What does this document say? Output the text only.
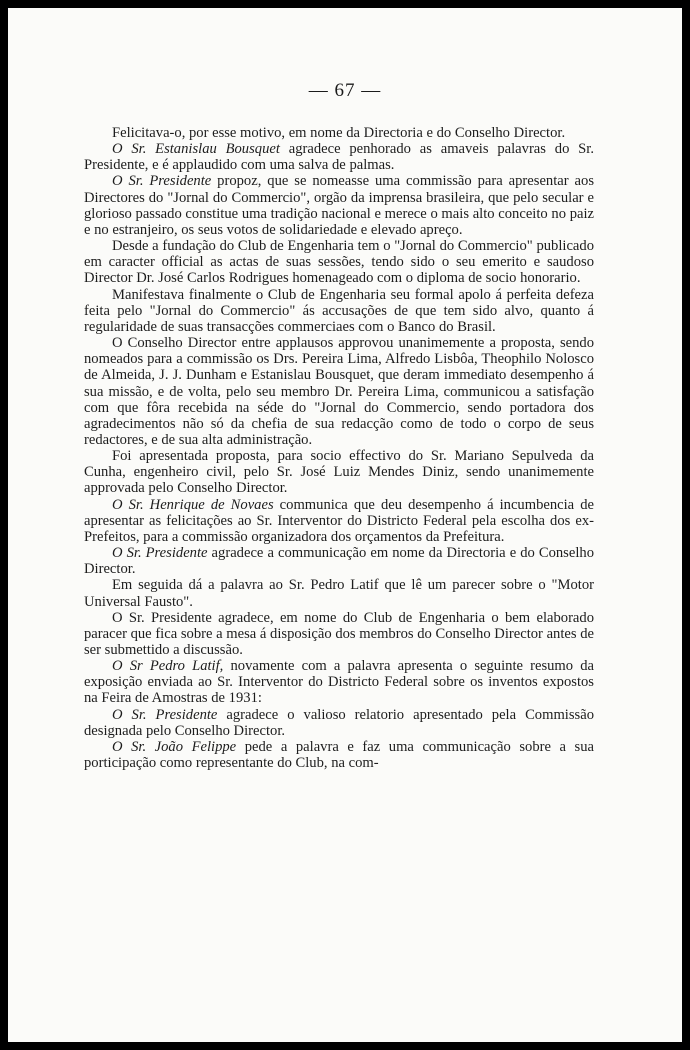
— 67 —

Felicitava-o, por esse motivo, em nome da Directoria e do Conselho Director.

O Sr. Estanislau Bousquet agradece penhorado as amaveis palavras do Sr. Presidente, e é applaudido com uma salva de palmas.

O Sr. Presidente propoz, que se nomeasse uma commissão para apresentar aos Directores do "Jornal do Commercio", orgão da imprensa brasileira, que pelo secular e glorioso passado constitue uma tradição nacional e merece o mais alto conceito no paiz e no estranjeiro, os seus votos de solidariedade e elevado apreço.

Desde a fundação do Club de Engenharia tem o "Jornal do Commercio" publicado em caracter official as actas de suas sessões, tendo sido o seu emerito e saudoso Director Dr. José Carlos Rodrigues homenageado com o diploma de socio honorario.

Manifestava finalmente o Club de Engenharia seu formal apolo á perfeita defeza feita pelo "Jornal do Commercio" ás accusações de que tem sido alvo, quanto á regularidade de suas transacções commerciaes com o Banco do Brasil.

O Conselho Director entre applausos approvou unanimemente a proposta, sendo nomeados para a commissão os Drs. Pereira Lima, Alfredo Lisbôa, Theophilo Nolosco de Almeida, J. J. Dunham e Estanislau Bousquet, que deram immediato desempenho á sua missão, e de volta, pelo seu membro Dr. Pereira Lima, communicou a satisfação com que fôra recebida na séde do "Jornal do Commercio, sendo portadora dos agradecimentos não só da chefia de sua redacção como de todo o corpo de seus redactores, e de sua alta administração.

Foi apresentada proposta, para socio effectivo do Sr. Mariano Sepulveda da Cunha, engenheiro civil, pelo Sr. José Luiz Mendes Diniz, sendo unanimemente approvada pelo Conselho Director.

O Sr. Henrique de Novaes communica que deu desempenho á incumbencia de apresentar as felicitações ao Sr. Interventor do Districto Federal pela escolha dos ex-Prefeitos, para a commissão organizadora dos orçamentos da Prefeitura.

O Sr. Presidente agradece a communicação em nome da Directoria e do Conselho Director.

Em seguida dá a palavra ao Sr. Pedro Latif que lê um parecer sobre o "Motor Universal Fausto".

O Sr. Presidente agradece, em nome do Club de Engenharia o bem elaborado paracer que fica sobre a mesa á disposição dos membros do Conselho Director antes de ser submettido a discussão.

O Sr Pedro Latif, novamente com a palavra apresenta o seguinte resumo da exposição enviada ao Sr. Interventor do Districto Federal sobre os inventos expostos na Feira de Amostras de 1931:

O Sr. Presidente agradece o valioso relatorio apresentado pela Commissão designada pelo Conselho Director.

O Sr. João Felippe pede a palavra e faz uma communicação sobre a sua porticipação como representante do Club, na com-
